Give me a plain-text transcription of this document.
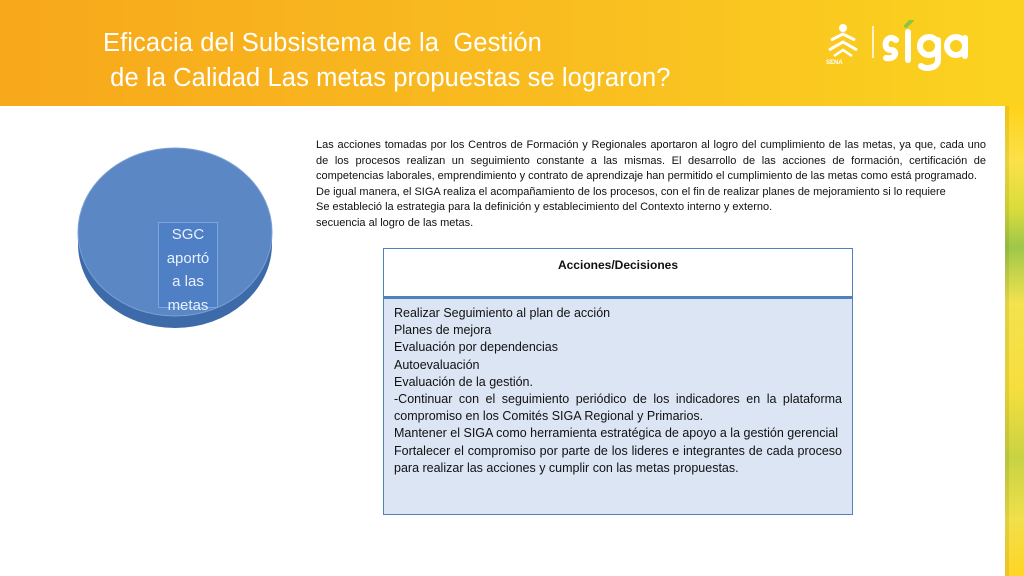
Eficacia del Subsistema de la  Gestión
de la Calidad Las metas propuestas se lograron?
SENA
SGC
aportó
a las
metas

Las acciones tomadas por los Centros de Formación y Regionales aportaron al logro del cumplimiento de las metas, ya que, cada uno de los procesos realizan un seguimiento constante a las mismas. El desarrollo de las acciones de formación, certificación de competencias laborales, emprendimiento y contrato de aprendizaje han permitido el cumplimiento de las metas como está programado.

De igual manera, el SIGA realiza el acompañamiento de los procesos, con el fin de realizar planes de mejoramiento si lo requiere

Se estableció la estrategia para la definición y establecimiento del Contexto interno y externo.

secuencia al logro de las metas.

Acciones/Decisiones
Realizar Seguimiento al plan de acción
Planes de mejora
Evaluación por dependencias
Autoevaluación
Evaluación de la gestión.
-Continuar con el seguimiento periódico de los indicadores en la plataforma compromiso en los Comités SIGA Regional y Primarios.
Mantener el SIGA como herramienta estratégica de apoyo a la gestión gerencial
Fortalecer el compromiso por parte de los lideres e integrantes de cada proceso para realizar las acciones y cumplir con las metas propuestas.
